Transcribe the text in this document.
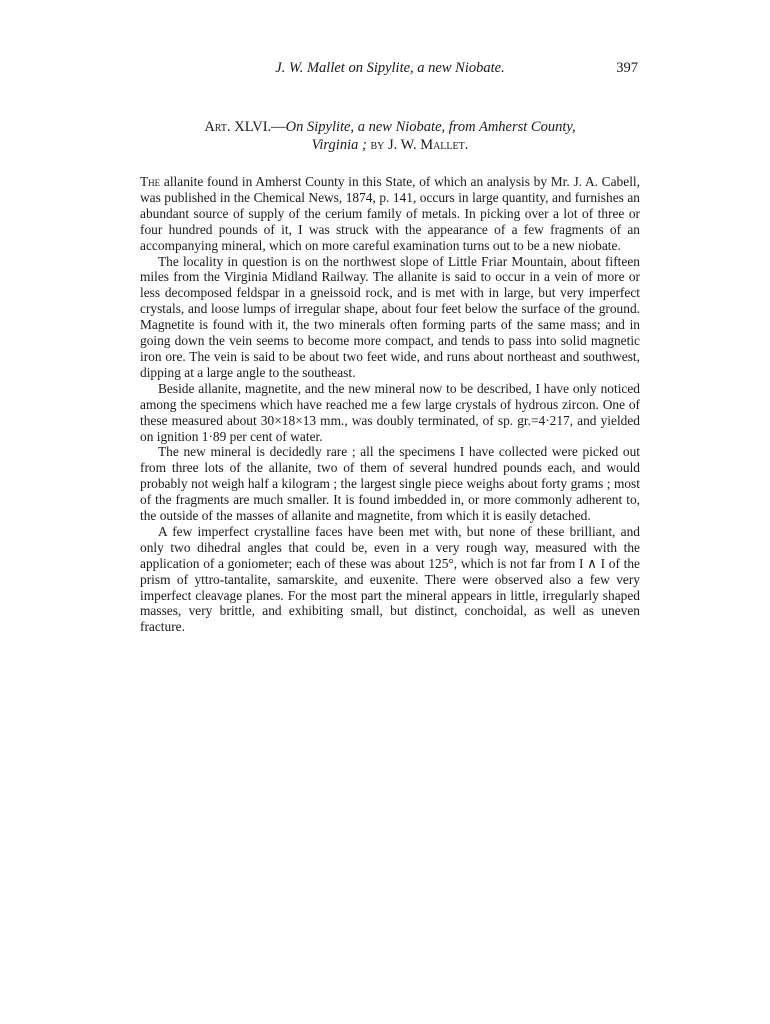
J. W. Mallet on Sipylite, a new Niobate.	397
Art. XLVI.—On Sipylite, a new Niobate, from Amherst County,
Virginia ; by J. W. Mallet.

The allanite found in Amherst County in this State, of which an analysis by Mr. J. A. Cabell, was published in the Chemical News, 1874, p. 141, occurs in large quantity, and furnishes an abundant source of supply of the cerium family of metals. In picking over a lot of three or four hundred pounds of it, I was struck with the appearance of a few fragments of an accompanying mineral, which on more careful examination turns out to be a new niobate.

The locality in question is on the northwest slope of Little Friar Mountain, about fifteen miles from the Virginia Midland Railway. The allanite is said to occur in a vein of more or less decomposed feldspar in a gneissoid rock, and is met with in large, but very imperfect crystals, and loose lumps of irregular shape, about four feet below the surface of the ground. Magnetite is found with it, the two minerals often forming parts of the same mass; and in going down the vein seems to become more compact, and tends to pass into solid magnetic iron ore. The vein is said to be about two feet wide, and runs about northeast and southwest, dipping at a large angle to the southeast.

Beside allanite, magnetite, and the new mineral now to be described, I have only noticed among the specimens which have reached me a few large crystals of hydrous zircon. One of these measured about 30×18×13 mm., was doubly terminated, of sp. gr.=4·217, and yielded on ignition 1·89 per cent of water.

The new mineral is decidedly rare ; all the specimens I have collected were picked out from three lots of the allanite, two of them of several hundred pounds each, and would probably not weigh half a kilogram ; the largest single piece weighs about forty grams ; most of the fragments are much smaller. It is found imbedded in, or more commonly adherent to, the outside of the masses of allanite and magnetite, from which it is easily detached.

A few imperfect crystalline faces have been met with, but none of these brilliant, and only two dihedral angles that could be, even in a very rough way, measured with the application of a goniometer; each of these was about 125°, which is not far from I ∧ I of the prism of yttro-tantalite, samarskite, and euxenite. There were observed also a few very imperfect cleavage planes. For the most part the mineral appears in little, irregularly shaped masses, very brittle, and exhibiting small, but distinct, conchoidal, as well as uneven fracture.
